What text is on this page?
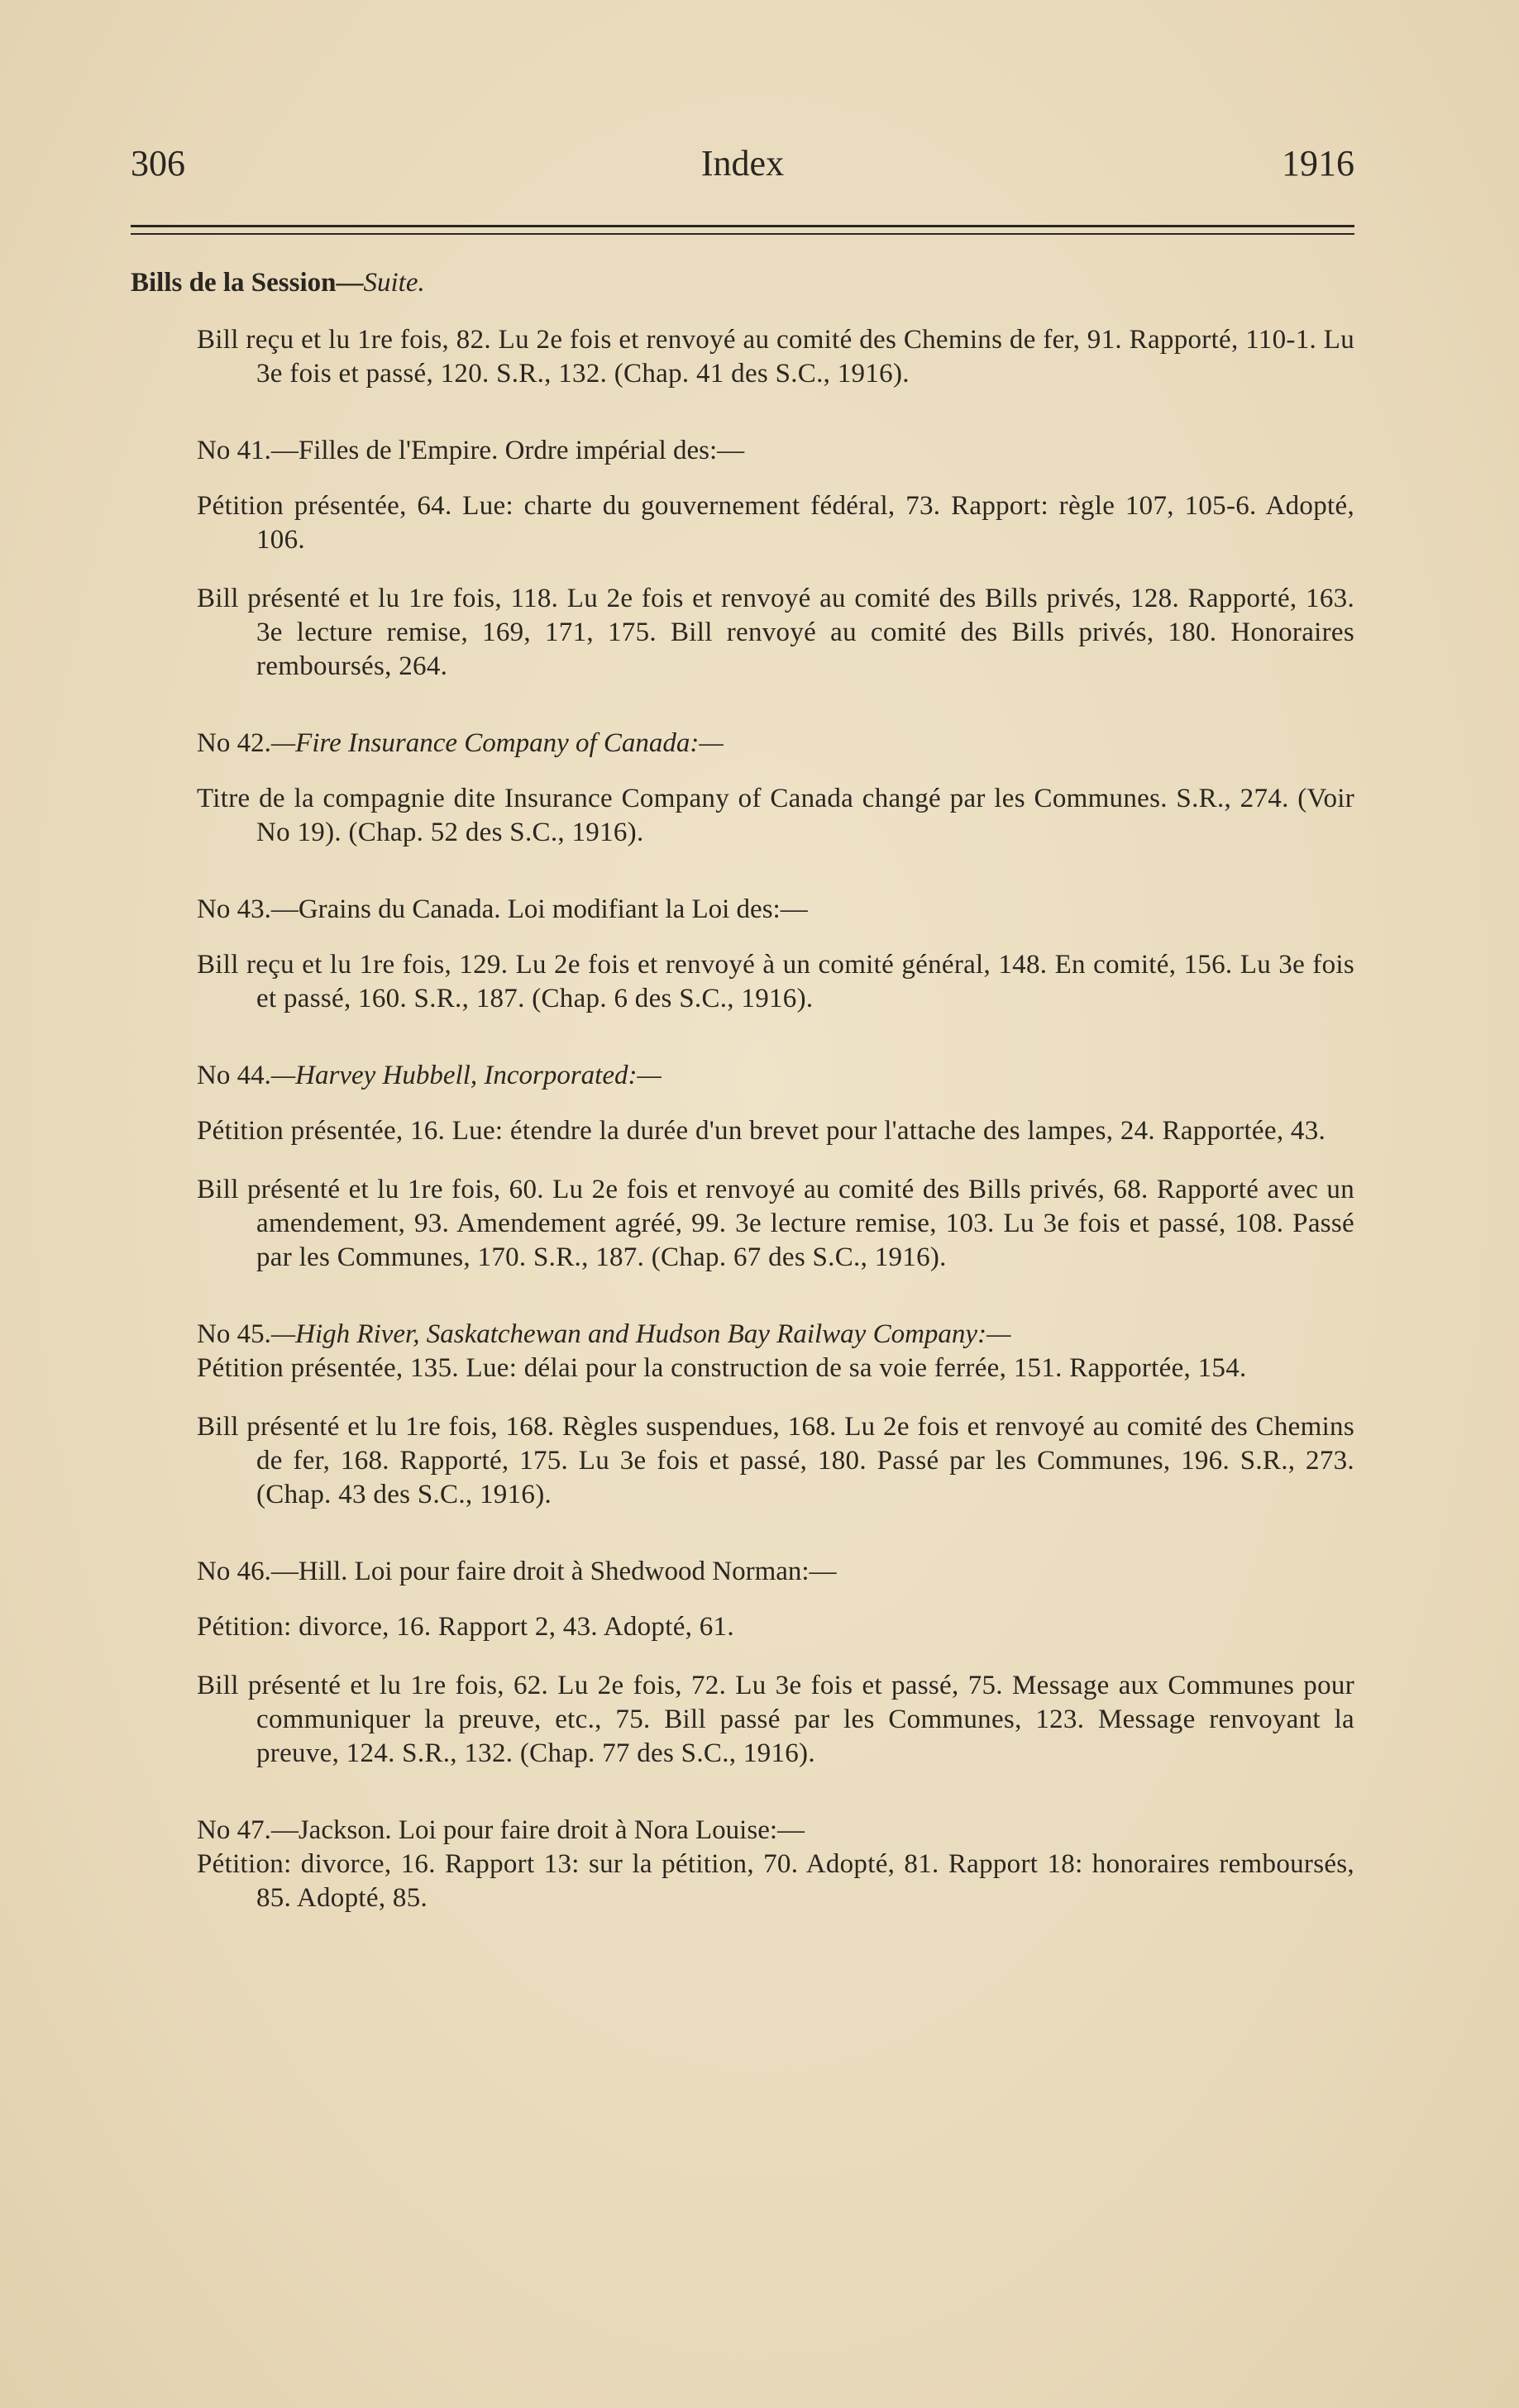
306	Index	1916
Bills de la Session—Suite.
Bill reçu et lu 1re fois, 82. Lu 2e fois et renvoyé au comité des Chemins de fer, 91. Rapporté, 110-1. Lu 3e fois et passé, 120. S.R., 132. (Chap. 41 des S.C., 1916).
No 41.—Filles de l'Empire. Ordre impérial des:—
Pétition présentée, 64. Lue: charte du gouvernement fédéral, 73. Rapport: règle 107, 105-6. Adopté, 106.
Bill présenté et lu 1re fois, 118. Lu 2e fois et renvoyé au comité des Bills privés, 128. Rapporté, 163. 3e lecture remise, 169, 171, 175. Bill renvoyé au comité des Bills privés, 180. Honoraires remboursés, 264.
No 42.—Fire Insurance Company of Canada:—
Titre de la compagnie dite Insurance Company of Canada changé par les Communes. S.R., 274. (Voir No 19). (Chap. 52 des S.C., 1916).
No 43.—Grains du Canada. Loi modifiant la Loi des:—
Bill reçu et lu 1re fois, 129. Lu 2e fois et renvoyé à un comité général, 148. En comité, 156. Lu 3e fois et passé, 160. S.R., 187. (Chap. 6 des S.C., 1916).
No 44.—Harvey Hubbell, Incorporated:—
Pétition présentée, 16. Lue: étendre la durée d'un brevet pour l'attache des lampes, 24. Rapportée, 43.
Bill présenté et lu 1re fois, 60. Lu 2e fois et renvoyé au comité des Bills privés, 68. Rapporté avec un amendement, 93. Amendement agréé, 99. 3e lecture remise, 103. Lu 3e fois et passé, 108. Passé par les Communes, 170. S.R., 187. (Chap. 67 des S.C., 1916).
No 45.—High River, Saskatchewan and Hudson Bay Railway Company:—
Pétition présentée, 135. Lue: délai pour la construction de sa voie ferrée, 151. Rapportée, 154.
Bill présenté et lu 1re fois, 168. Règles suspendues, 168. Lu 2e fois et renvoyé au comité des Chemins de fer, 168. Rapporté, 175. Lu 3e fois et passé, 180. Passé par les Communes, 196. S.R., 273. (Chap. 43 des S.C., 1916).
No 46.—Hill. Loi pour faire droit à Shedwood Norman:—
Pétition: divorce, 16. Rapport 2, 43. Adopté, 61.
Bill présenté et lu 1re fois, 62. Lu 2e fois, 72. Lu 3e fois et passé, 75. Message aux Communes pour communiquer la preuve, etc., 75. Bill passé par les Communes, 123. Message renvoyant la preuve, 124. S.R., 132. (Chap. 77 des S.C., 1916).
No 47.—Jackson. Loi pour faire droit à Nora Louise:—
Pétition: divorce, 16. Rapport 13: sur la pétition, 70. Adopté, 81. Rapport 18: honoraires remboursés, 85. Adopté, 85.
